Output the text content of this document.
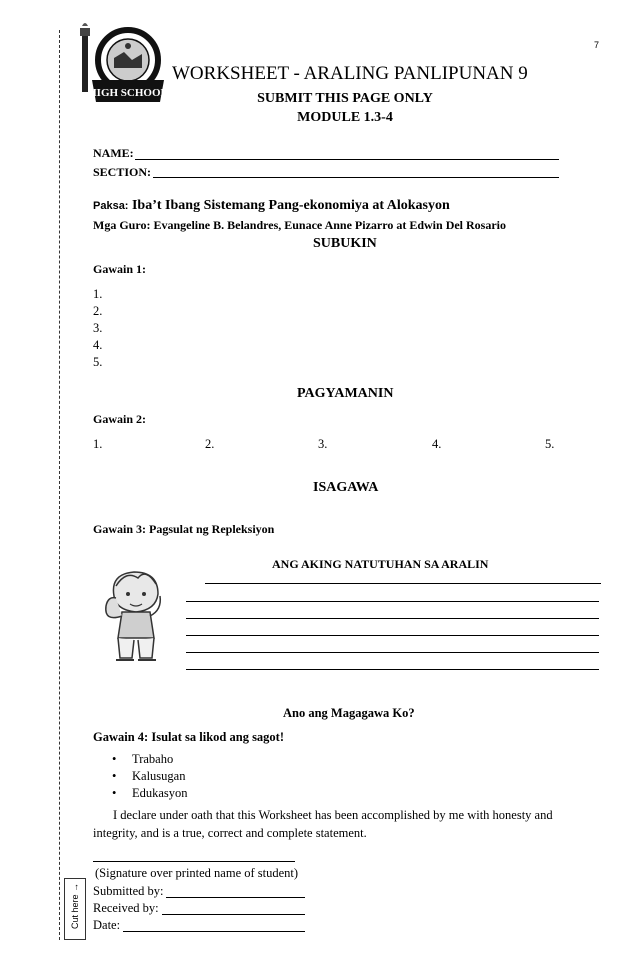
Cut here →
7
HIGH SCHOOL
WORKSHEET - ARALING PANLIPUNAN 9
SUBMIT THIS PAGE ONLY
MODULE 1.3-4
NAME:
SECTION:
Paksa: Iba’t Ibang Sistemang Pang-ekonomiya at Alokasyon
Mga Guro: Evangeline B. Belandres, Eunace Anne Pizarro at Edwin Del Rosario
SUBUKIN
Gawain 1:
1.
2.
3.
4.
5.
PAGYAMANIN
Gawain 2:
1.	2.	3.	4.	5.
ISAGAWA
Gawain 3: Pagsulat ng Repleksiyon
ANG AKING NATUTUHAN SA ARALIN
Ano ang Magagawa Ko?
Gawain 4: Isulat sa likod ang sagot!
• Trabaho
• Kalusugan
• Edukasyon
I declare under oath that this Worksheet has been accomplished by me with honesty and
integrity, and is a true, correct and complete statement.
(Signature over printed name of student)
Submitted by:
Received by:
Date:
